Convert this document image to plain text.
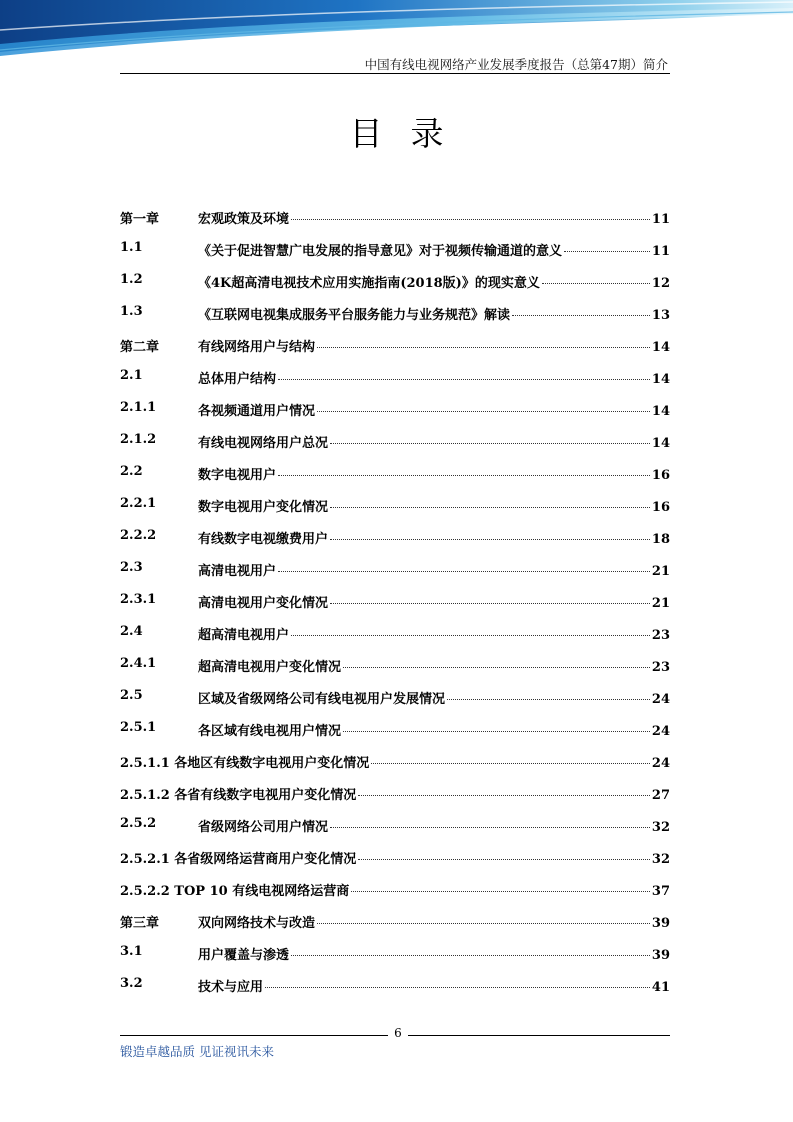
中国有线电视网络产业发展季度报告（总第47期）简介
目录
第一章	宏观政策及环境	11
1.1	《关于促进智慧广电发展的指导意见》对于视频传输通道的意义	11
1.2	《4K超高清电视技术应用实施指南(2018版)》的现实意义	12
1.3	《互联网电视集成服务平台服务能力与业务规范》解读	13
第二章	有线网络用户与结构	14
2.1	总体用户结构	14
2.1.1	各视频通道用户情况	14
2.1.2	有线电视网络用户总况	14
2.2	数字电视用户	16
2.2.1	数字电视用户变化情况	16
2.2.2	有线数字电视缴费用户	18
2.3	高清电视用户	21
2.3.1	高清电视用户变化情况	21
2.4	超高清电视用户	23
2.4.1	超高清电视用户变化情况	23
2.5	区域及省级网络公司有线电视用户发展情况	24
2.5.1	各区域有线电视用户情况	24
2.5.1.1 各地区有线数字电视用户变化情况	24
2.5.1.2 各省有线数字电视用户变化情况	27
2.5.2	省级网络公司用户情况	32
2.5.2.1 各省级网络运营商用户变化情况	32
2.5.2.2 TOP 10 有线电视网络运营商	37
第三章	双向网络技术与改造	39
3.1	用户覆盖与渗透	39
3.2	技术与应用	41
6
锻造卓越品质 见证视讯未来
